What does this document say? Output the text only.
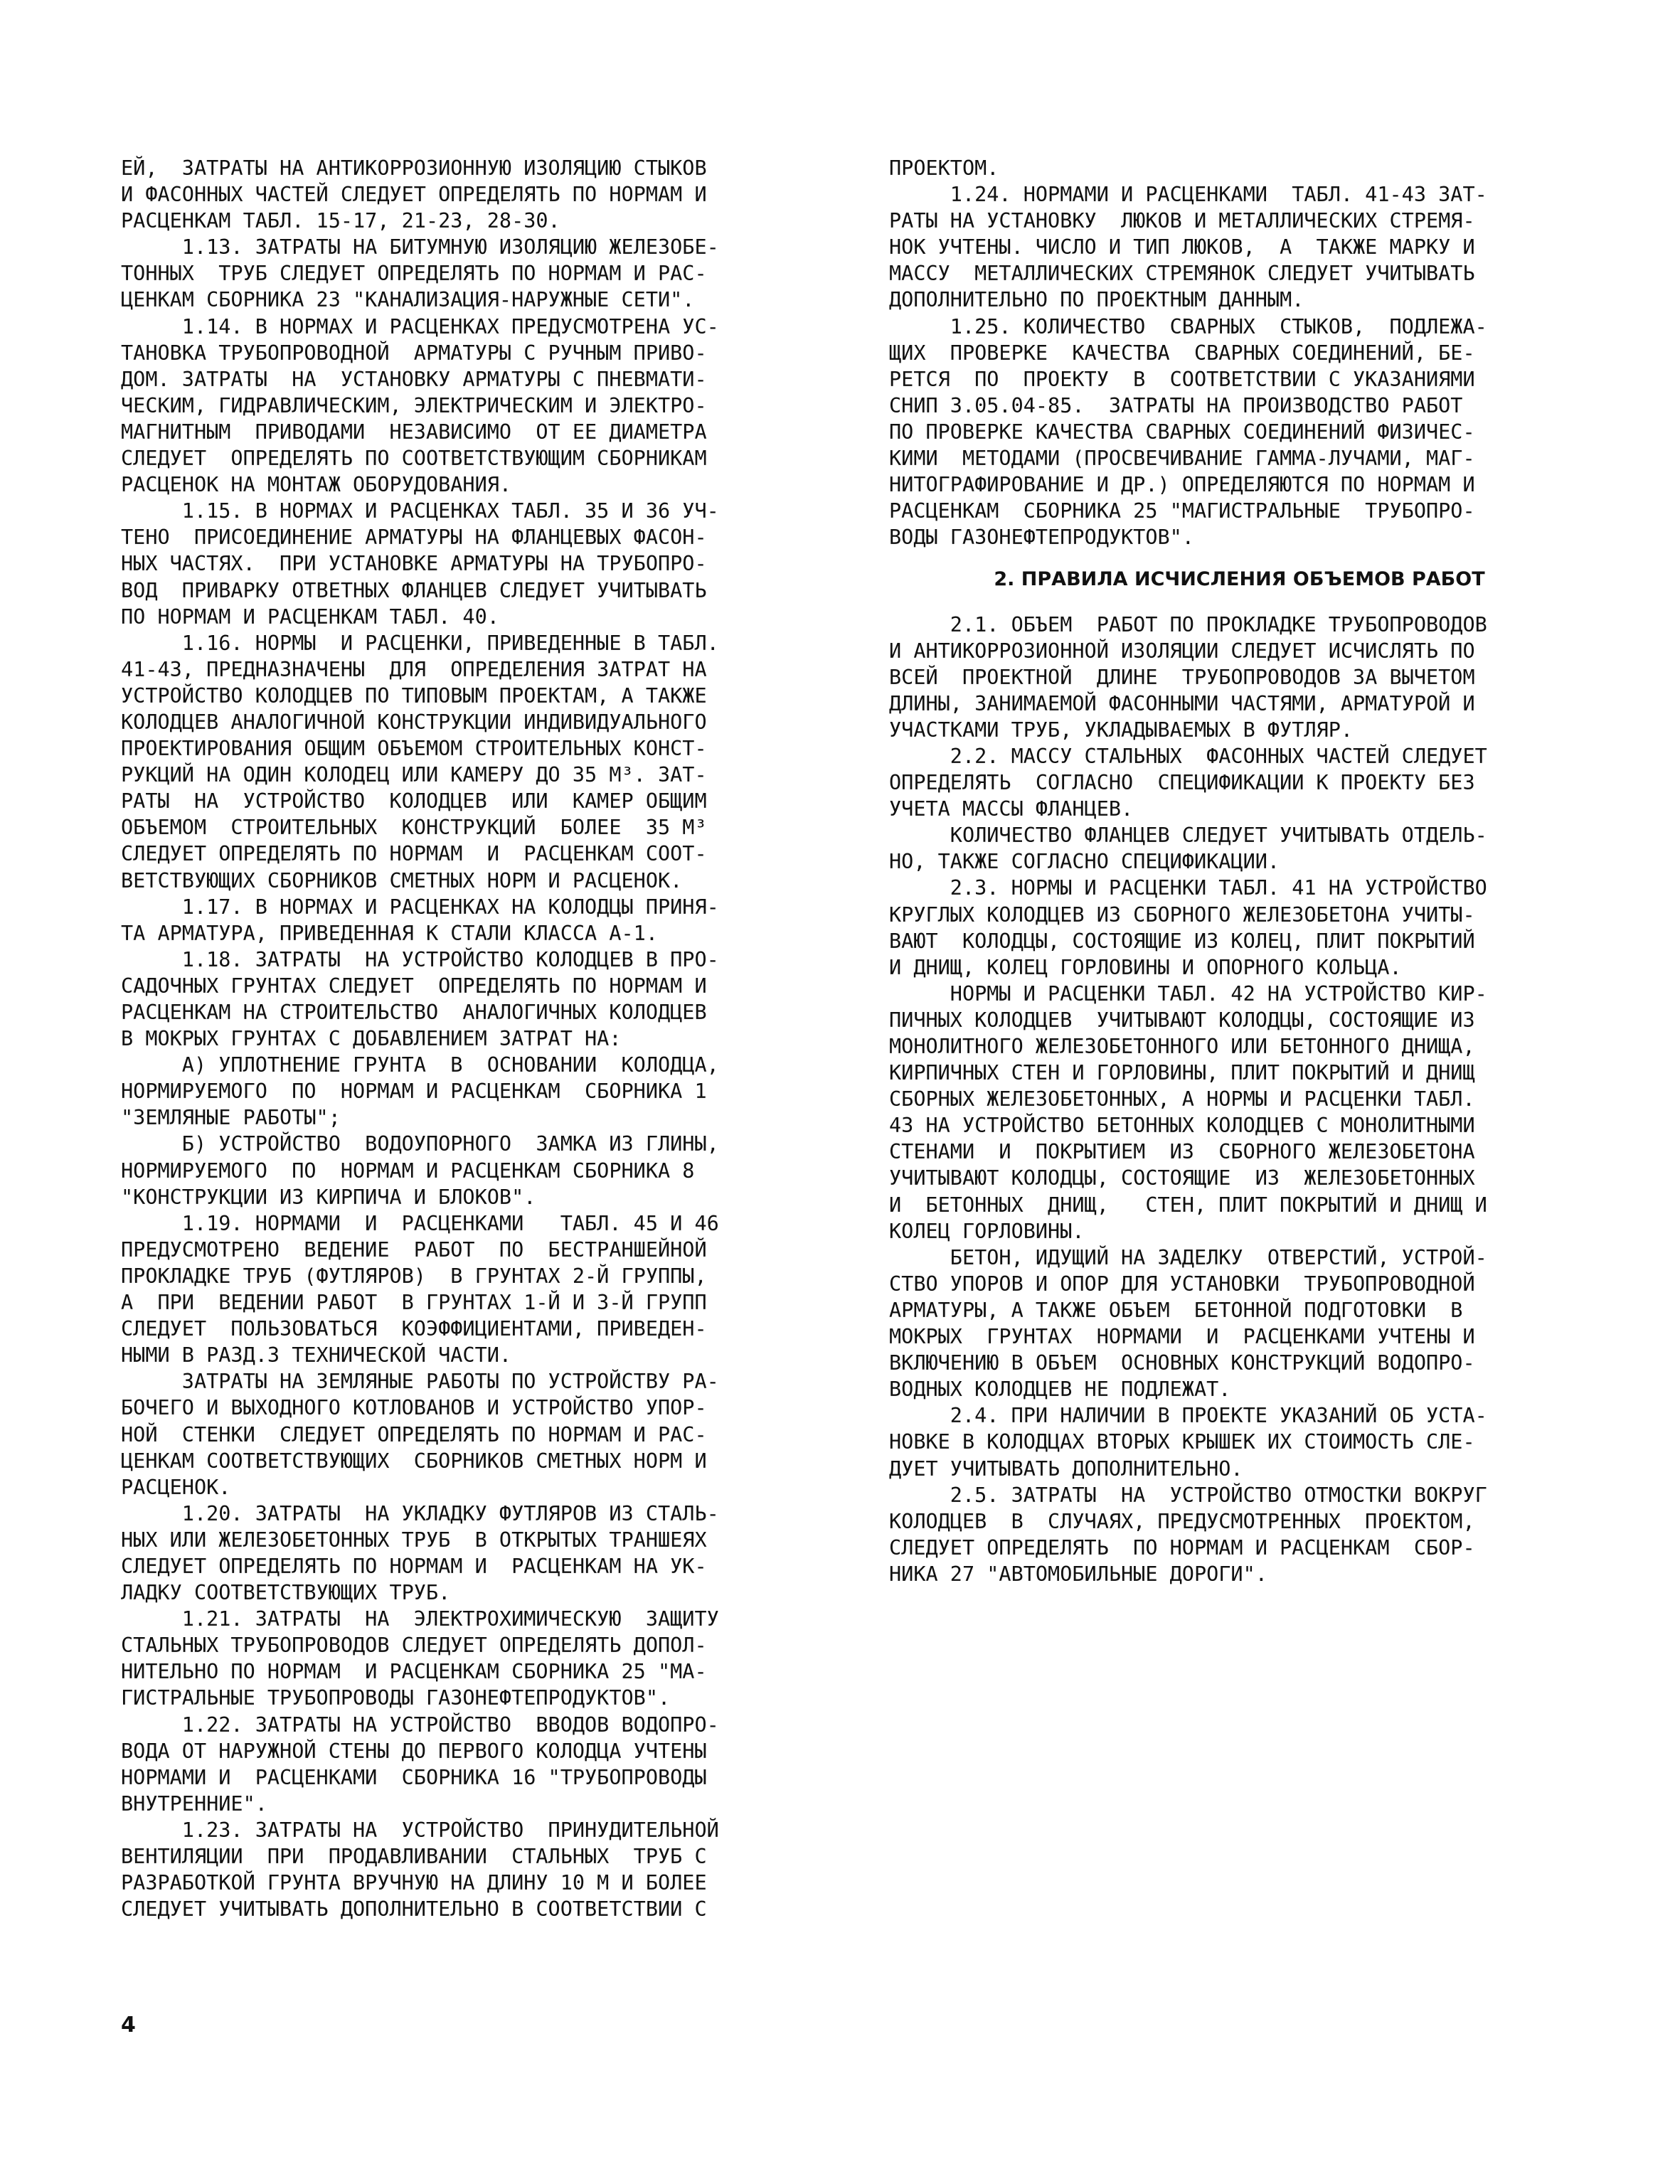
ЕЙ,  ЗАТРАТЫ НА АНТИКОРРОЗИОННУЮ ИЗОЛЯЦИЮ СТЫКОВ
И ФАСОННЫХ ЧАСТЕЙ СЛЕДУЕТ ОПРЕДЕЛЯТЬ ПО НОРМАМ И
РАСЦЕНКАМ ТАБЛ. 15-17, 21-23, 28-30.
1.13. ЗАТРАТЫ НА БИТУМНУЮ ИЗОЛЯЦИЮ ЖЕЛЕЗОБЕ-
ТОННЫХ  ТРУБ СЛЕДУЕТ ОПРЕДЕЛЯТЬ ПО НОРМАМ И РАС-
ЦЕНКАМ СБОРНИКА 23 "КАНАЛИЗАЦИЯ-НАРУЖНЫЕ СЕТИ".
1.14. В НОРМАХ И РАСЦЕНКАХ ПРЕДУСМОТРЕНА УС-
ТАНОВКА ТРУБОПРОВОДНОЙ  АРМАТУРЫ С РУЧНЫМ ПРИВО-
ДОМ. ЗАТРАТЫ  НА  УСТАНОВКУ АРМАТУРЫ С ПНЕВМАТИ-
ЧЕСКИМ, ГИДРАВЛИЧЕСКИМ, ЭЛЕКТРИЧЕСКИМ И ЭЛЕКТРО-
МАГНИТНЫМ  ПРИВОДАМИ  НЕЗАВИСИМО  ОТ ЕЕ ДИАМЕТРА
СЛЕДУЕТ  ОПРЕДЕЛЯТЬ ПО СООТВЕТСТВУЮЩИМ СБОРНИКАМ
РАСЦЕНОК НА МОНТАЖ ОБОРУДОВАНИЯ.
1.15. В НОРМАХ И РАСЦЕНКАХ ТАБЛ. 35 И 36 УЧ-
ТЕНО  ПРИСОЕДИНЕНИЕ АРМАТУРЫ НА ФЛАНЦЕВЫХ ФАСОН-
НЫХ ЧАСТЯХ.  ПРИ УСТАНОВКЕ АРМАТУРЫ НА ТРУБОПРО-
ВОД  ПРИВАРКУ ОТВЕТНЫХ ФЛАНЦЕВ СЛЕДУЕТ УЧИТЫВАТЬ
ПО НОРМАМ И РАСЦЕНКАМ ТАБЛ. 40.
1.16. НОРМЫ  И РАСЦЕНКИ, ПРИВЕДЕННЫЕ В ТАБЛ.
41-43, ПРЕДНАЗНАЧЕНЫ  ДЛЯ  ОПРЕДЕЛЕНИЯ ЗАТРАТ НА
УСТРОЙСТВО КОЛОДЦЕВ ПО ТИПОВЫМ ПРОЕКТАМ, А ТАКЖЕ
КОЛОДЦЕВ АНАЛОГИЧНОЙ КОНСТРУКЦИИ ИНДИВИДУАЛЬНОГО
ПРОЕКТИРОВАНИЯ ОБЩИМ ОБЪЕМОМ СТРОИТЕЛЬНЫХ КОНСТ-
РУКЦИЙ НА ОДИН КОЛОДЕЦ ИЛИ КАМЕРУ ДО 35 М³. ЗАТ-
РАТЫ  НА  УСТРОЙСТВО  КОЛОДЦЕВ  ИЛИ  КАМЕР ОБЩИМ
ОБЪЕМОМ  СТРОИТЕЛЬНЫХ  КОНСТРУКЦИЙ  БОЛЕЕ  35 М³
СЛЕДУЕТ ОПРЕДЕЛЯТЬ ПО НОРМАМ  И  РАСЦЕНКАМ СООТ-
ВЕТСТВУЮЩИХ СБОРНИКОВ СМЕТНЫХ НОРМ И РАСЦЕНОК.
1.17. В НОРМАХ И РАСЦЕНКАХ НА КОЛОДЦЫ ПРИНЯ-
ТА АРМАТУРА, ПРИВЕДЕННАЯ К СТАЛИ КЛАССА А-1.
1.18. ЗАТРАТЫ  НА УСТРОЙСТВО КОЛОДЦЕВ В ПРО-
САДОЧНЫХ ГРУНТАХ СЛЕДУЕТ  ОПРЕДЕЛЯТЬ ПО НОРМАМ И
РАСЦЕНКАМ НА СТРОИТЕЛЬСТВО  АНАЛОГИЧНЫХ КОЛОДЦЕВ
В МОКРЫХ ГРУНТАХ С ДОБАВЛЕНИЕМ ЗАТРАТ НА:
А) УПЛОТНЕНИЕ ГРУНТА  В  ОСНОВАНИИ  КОЛОДЦА,
НОРМИРУЕМОГО  ПО  НОРМАМ И РАСЦЕНКАМ  СБОРНИКА 1
"ЗЕМЛЯНЫЕ РАБОТЫ";
Б) УСТРОЙСТВО  ВОДОУПОРНОГО  ЗАМКА ИЗ ГЛИНЫ,
НОРМИРУЕМОГО  ПО  НОРМАМ И РАСЦЕНКАМ СБОРНИКА 8
"КОНСТРУКЦИИ ИЗ КИРПИЧА И БЛОКОВ".
1.19. НОРМАМИ  И  РАСЦЕНКАМИ   ТАБЛ. 45 И 46
ПРЕДУСМОТРЕНО  ВЕДЕНИЕ  РАБОТ  ПО  БЕСТРАНШЕЙНОЙ
ПРОКЛАДКЕ ТРУБ (ФУТЛЯРОВ)  В ГРУНТАХ 2-Й ГРУППЫ,
А  ПРИ  ВЕДЕНИИ РАБОТ  В ГРУНТАХ 1-Й И 3-Й ГРУПП
СЛЕДУЕТ  ПОЛЬЗОВАТЬСЯ  КОЭФФИЦИЕНТАМИ, ПРИВЕДЕН-
НЫМИ В РАЗД.3 ТЕХНИЧЕСКОЙ ЧАСТИ.
ЗАТРАТЫ НА ЗЕМЛЯНЫЕ РАБОТЫ ПО УСТРОЙСТВУ РА-
БОЧЕГО И ВЫХОДНОГО КОТЛОВАНОВ И УСТРОЙСТВО УПОР-
НОЙ  СТЕНКИ  СЛЕДУЕТ ОПРЕДЕЛЯТЬ ПО НОРМАМ И РАС-
ЦЕНКАМ СООТВЕТСТВУЮЩИХ  СБОРНИКОВ СМЕТНЫХ НОРМ И
РАСЦЕНОК.
1.20. ЗАТРАТЫ  НА УКЛАДКУ ФУТЛЯРОВ ИЗ СТАЛЬ-
НЫХ ИЛИ ЖЕЛЕЗОБЕТОННЫХ ТРУБ  В ОТКРЫТЫХ ТРАНШЕЯХ
СЛЕДУЕТ ОПРЕДЕЛЯТЬ ПО НОРМАМ И  РАСЦЕНКАМ НА УК-
ЛАДКУ СООТВЕТСТВУЮЩИХ ТРУБ.
1.21. ЗАТРАТЫ  НА  ЭЛЕКТРОХИМИЧЕСКУЮ  ЗАЩИТУ
СТАЛЬНЫХ ТРУБОПРОВОДОВ СЛЕДУЕТ ОПРЕДЕЛЯТЬ ДОПОЛ-
НИТЕЛЬНО ПО НОРМАМ  И РАСЦЕНКАМ СБОРНИКА 25 "МА-
ГИСТРАЛЬНЫЕ ТРУБОПРОВОДЫ ГАЗОНЕФТЕПРОДУКТОВ".
1.22. ЗАТРАТЫ НА УСТРОЙСТВО  ВВОДОВ ВОДОПРО-
ВОДА ОТ НАРУЖНОЙ СТЕНЫ ДО ПЕРВОГО КОЛОДЦА УЧТЕНЫ
НОРМАМИ И  РАСЦЕНКАМИ  СБОРНИКА 16 "ТРУБОПРОВОДЫ
ВНУТРЕННИЕ".
1.23. ЗАТРАТЫ НА  УСТРОЙСТВО  ПРИНУДИТЕЛЬНОЙ
ВЕНТИЛЯЦИИ  ПРИ  ПРОДАВЛИВАНИИ  СТАЛЬНЫХ  ТРУБ С
РАЗРАБОТКОЙ ГРУНТА ВРУЧНУЮ НА ДЛИНУ 10 М И БОЛЕЕ
СЛЕДУЕТ УЧИТЫВАТЬ ДОПОЛНИТЕЛЬНО В СООТВЕТСТВИИ С
ПРОЕКТОМ.
1.24. НОРМАМИ И РАСЦЕНКАМИ  ТАБЛ. 41-43 ЗАТ-
РАТЫ НА УСТАНОВКУ  ЛЮКОВ И МЕТАЛЛИЧЕСКИХ СТРЕМЯ-
НОК УЧТЕНЫ. ЧИСЛО И ТИП ЛЮКОВ,  А  ТАКЖЕ МАРКУ И
МАССУ  МЕТАЛЛИЧЕСКИХ СТРЕМЯНОК СЛЕДУЕТ УЧИТЫВАТЬ
ДОПОЛНИТЕЛЬНО ПО ПРОЕКТНЫМ ДАННЫМ.
1.25. КОЛИЧЕСТВО  СВАРНЫХ  СТЫКОВ,  ПОДЛЕЖА-
ЩИХ  ПРОВЕРКЕ  КАЧЕСТВА  СВАРНЫХ СОЕДИНЕНИЙ, БЕ-
РЕТСЯ  ПО  ПРОЕКТУ  В  СООТВЕТСТВИИ С УКАЗАНИЯМИ
СНИП 3.05.04-85.  ЗАТРАТЫ НА ПРОИЗВОДСТВО РАБОТ
ПО ПРОВЕРКЕ КАЧЕСТВА СВАРНЫХ СОЕДИНЕНИЙ ФИЗИЧЕС-
КИМИ  МЕТОДАМИ (ПРОСВЕЧИВАНИЕ ГАММА-ЛУЧАМИ, МАГ-
НИТОГРАФИРОВАНИЕ И ДР.) ОПРЕДЕЛЯЮТСЯ ПО НОРМАМ И
РАСЦЕНКАМ  СБОРНИКА 25 "МАГИСТРАЛЬНЫЕ  ТРУБОПРО-
ВОДЫ ГАЗОНЕФТЕПРОДУКТОВ".
2. ПРАВИЛА ИСЧИСЛЕНИЯ ОБЪЕМОВ РАБОТ
2.1. ОБЪЕМ  РАБОТ ПО ПРОКЛАДКЕ ТРУБОПРОВОДОВ
И АНТИКОРРОЗИОННОЙ ИЗОЛЯЦИИ СЛЕДУЕТ ИСЧИСЛЯТЬ ПО
ВСЕЙ  ПРОЕКТНОЙ  ДЛИНЕ  ТРУБОПРОВОДОВ ЗА ВЫЧЕТОМ
ДЛИНЫ, ЗАНИМАЕМОЙ ФАСОННЫМИ ЧАСТЯМИ, АРМАТУРОЙ И
УЧАСТКАМИ ТРУБ, УКЛАДЫВАЕМЫХ В ФУТЛЯР.
2.2. МАССУ СТАЛЬНЫХ  ФАСОННЫХ ЧАСТЕЙ СЛЕДУЕТ
ОПРЕДЕЛЯТЬ  СОГЛАСНО  СПЕЦИФИКАЦИИ К ПРОЕКТУ БЕЗ
УЧЕТА МАССЫ ФЛАНЦЕВ.
КОЛИЧЕСТВО ФЛАНЦЕВ СЛЕДУЕТ УЧИТЫВАТЬ ОТДЕЛЬ-
НО, ТАКЖЕ СОГЛАСНО СПЕЦИФИКАЦИИ.
2.3. НОРМЫ И РАСЦЕНКИ ТАБЛ. 41 НА УСТРОЙСТВО
КРУГЛЫХ КОЛОДЦЕВ ИЗ СБОРНОГО ЖЕЛЕЗОБЕТОНА УЧИТЫ-
ВАЮТ  КОЛОДЦЫ, СОСТОЯЩИЕ ИЗ КОЛЕЦ, ПЛИТ ПОКРЫТИЙ
И ДНИЩ, КОЛЕЦ ГОРЛОВИНЫ И ОПОРНОГО КОЛЬЦА.
НОРМЫ И РАСЦЕНКИ ТАБЛ. 42 НА УСТРОЙСТВО КИР-
ПИЧНЫХ КОЛОДЦЕВ  УЧИТЫВАЮТ КОЛОДЦЫ, СОСТОЯЩИЕ ИЗ
МОНОЛИТНОГО ЖЕЛЕЗОБЕТОННОГО ИЛИ БЕТОННОГО ДНИЩА,
КИРПИЧНЫХ СТЕН И ГОРЛОВИНЫ, ПЛИТ ПОКРЫТИЙ И ДНИЩ
СБОРНЫХ ЖЕЛЕЗОБЕТОННЫХ, А НОРМЫ И РАСЦЕНКИ ТАБЛ.
43 НА УСТРОЙСТВО БЕТОННЫХ КОЛОДЦЕВ С МОНОЛИТНЫМИ
СТЕНАМИ  И  ПОКРЫТИЕМ  ИЗ  СБОРНОГО ЖЕЛЕЗОБЕТОНА
УЧИТЫВАЮТ КОЛОДЦЫ, СОСТОЯЩИЕ  ИЗ  ЖЕЛЕЗОБЕТОННЫХ
И  БЕТОННЫХ  ДНИЩ,   СТЕН, ПЛИТ ПОКРЫТИЙ И ДНИЩ И
КОЛЕЦ ГОРЛОВИНЫ.
БЕТОН, ИДУЩИЙ НА ЗАДЕЛКУ  ОТВЕРСТИЙ, УСТРОЙ-
СТВО УПОРОВ И ОПОР ДЛЯ УСТАНОВКИ  ТРУБОПРОВОДНОЙ
АРМАТУРЫ, А ТАКЖЕ ОБЪЕМ  БЕТОННОЙ ПОДГОТОВКИ  В
МОКРЫХ  ГРУНТАХ  НОРМАМИ  И  РАСЦЕНКАМИ УЧТЕНЫ И
ВКЛЮЧЕНИЮ В ОБЪЕМ  ОСНОВНЫХ КОНСТРУКЦИЙ ВОДОПРО-
ВОДНЫХ КОЛОДЦЕВ НЕ ПОДЛЕЖАТ.
2.4. ПРИ НАЛИЧИИ В ПРОЕКТЕ УКАЗАНИЙ ОБ УСТА-
НОВКЕ В КОЛОДЦАХ ВТОРЫХ КРЫШЕК ИХ СТОИМОСТЬ СЛЕ-
ДУЕТ УЧИТЫВАТЬ ДОПОЛНИТЕЛЬНО.
2.5. ЗАТРАТЫ  НА  УСТРОЙСТВО ОТМОСТКИ ВОКРУГ
КОЛОДЦЕВ  В  СЛУЧАЯХ, ПРЕДУСМОТРЕННЫХ  ПРОЕКТОМ,
СЛЕДУЕТ ОПРЕДЕЛЯТЬ  ПО НОРМАМ И РАСЦЕНКАМ  СБОР-
НИКА 27 "АВТОМОБИЛЬНЫЕ ДОРОГИ".
4
